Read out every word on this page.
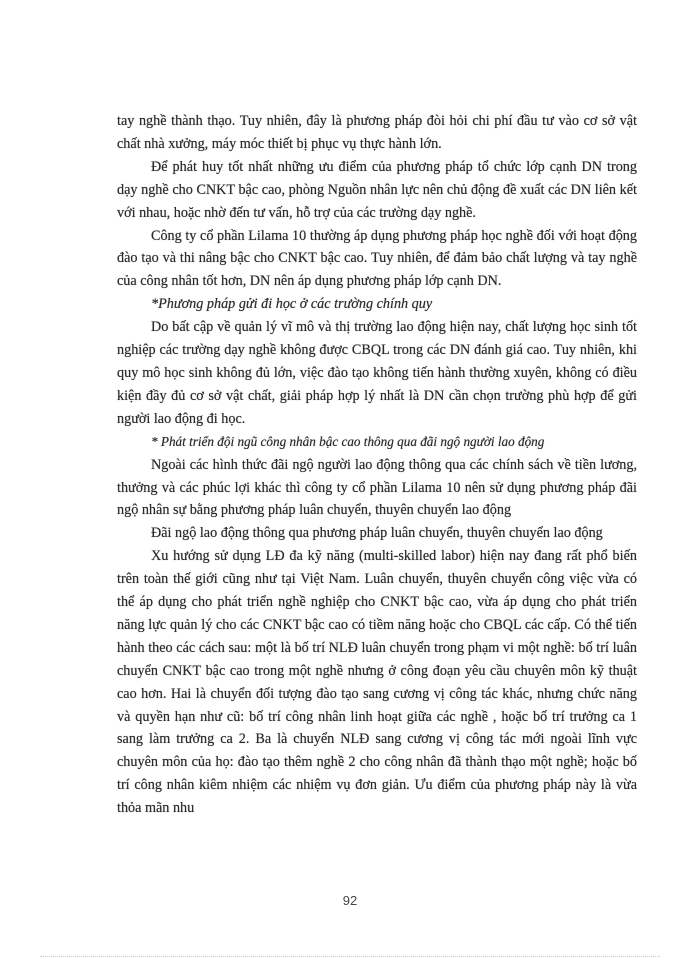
tay nghề thành thạo. Tuy nhiên, đây là phương pháp đòi hỏi chi phí đầu tư vào cơ sở vật chất nhà xưởng, máy móc thiết bị phục vụ thực hành lớn.

Để phát huy tốt nhất những ưu điểm của phương pháp tổ chức lớp cạnh DN trong dạy nghề cho CNKT bậc cao, phòng Nguồn nhân lực nên chủ động đề xuất các DN liên kết với nhau, hoặc nhờ đến tư vấn, hỗ trợ của các trường dạy nghề.

Công ty cổ phần Lilama 10 thường áp dụng phương pháp học nghề đối với hoạt động đào tạo và thi nâng bậc cho CNKT bậc cao. Tuy nhiên, để đảm bảo chất lượng và tay nghề của công nhân tốt hơn, DN nên áp dụng phương pháp lớp cạnh DN.

*Phương pháp gửi đi học ở các trường chính quy

Do bất cập về quản lý vĩ mô và thị trường lao động hiện nay, chất lượng học sinh tốt nghiệp các trường dạy nghề không được CBQL trong các DN đánh giá cao. Tuy nhiên, khi quy mô học sinh không đủ lớn, việc đào tạo không tiến hành thường xuyên, không có điều kiện đầy đủ cơ sở vật chất, giải pháp hợp lý nhất là DN cần chọn trường phù hợp để gửi người lao động đi học.

* Phát triển đội ngũ công nhân bậc cao thông qua đãi ngộ người lao động

Ngoài các hình thức đãi ngộ người lao động thông qua các chính sách về tiền lương, thưởng và các phúc lợi khác thì công ty cổ phần Lilama 10 nên sử dụng phương pháp đãi ngộ nhân sự bằng phương pháp luân chuyển, thuyên chuyển lao động

Đãi ngộ lao động thông qua phương pháp luân chuyển, thuyên chuyển lao động

Xu hướng sử dụng LĐ đa kỹ năng (multi-skilled labor) hiện nay đang rất phổ biến trên toàn thế giới cũng như tại Việt Nam. Luân chuyển, thuyên chuyển công việc vừa có thể áp dụng cho phát triển nghề nghiệp cho CNKT bậc cao, vừa áp dụng cho phát triển năng lực quản lý cho các CNKT bậc cao có tiềm năng hoặc cho CBQL các cấp. Có thể tiến hành theo các cách sau: một là bố trí NLĐ luân chuyển trong phạm vi một nghề: bố trí luân chuyển CNKT bậc cao trong một nghề nhưng ở công đoạn yêu cầu chuyên môn kỹ thuật cao hơn. Hai là chuyển đối tượng đào tạo sang cương vị công tác khác, nhưng chức năng và quyền hạn như cũ: bố trí công nhân linh hoạt giữa các nghề , hoặc bố trí trưởng ca 1 sang làm trưởng ca 2. Ba là chuyển NLĐ sang cương vị công tác mới ngoài lĩnh vực chuyên môn của họ: đào tạo thêm nghề 2 cho công nhân đã thành thạo một nghề; hoặc bố trí công nhân kiêm nhiệm các nhiệm vụ đơn giản. Ưu điểm của phương pháp này là vừa thỏa mãn nhu

92
